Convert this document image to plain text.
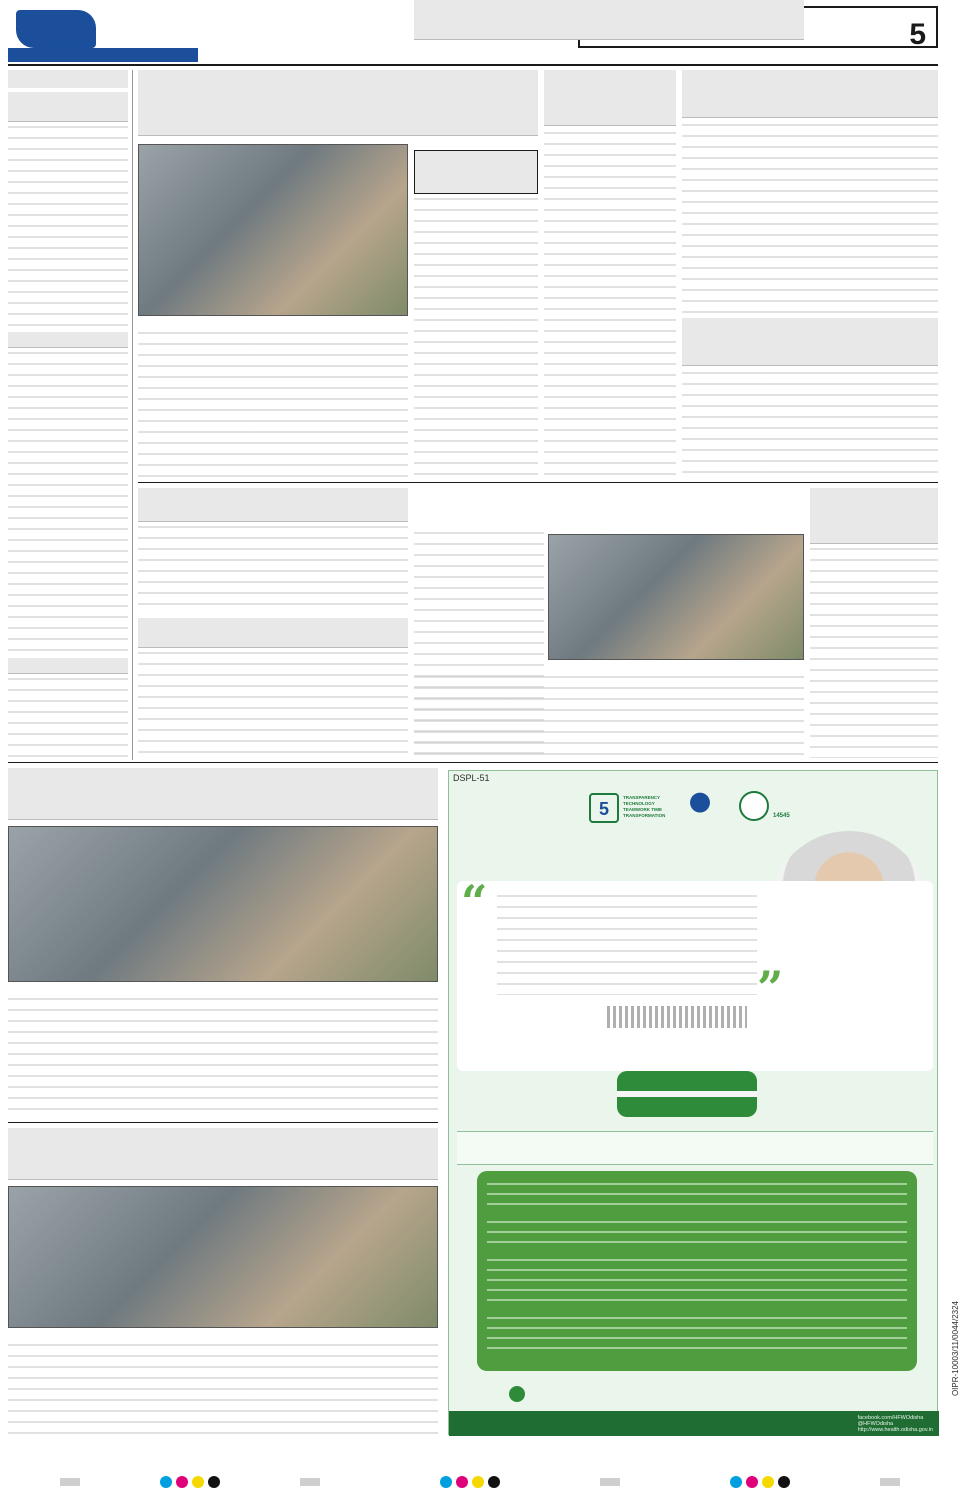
5
DSPL-51
5
TRANSPARENCY TECHNOLOGY TEAMWORK TIME TRANSFORMATION	14545
“
”
facebook.com/HFWOdisha
@HFWOdisha
http://www.health.odisha.gov.in
OIPR-10003/11/0044/2324
